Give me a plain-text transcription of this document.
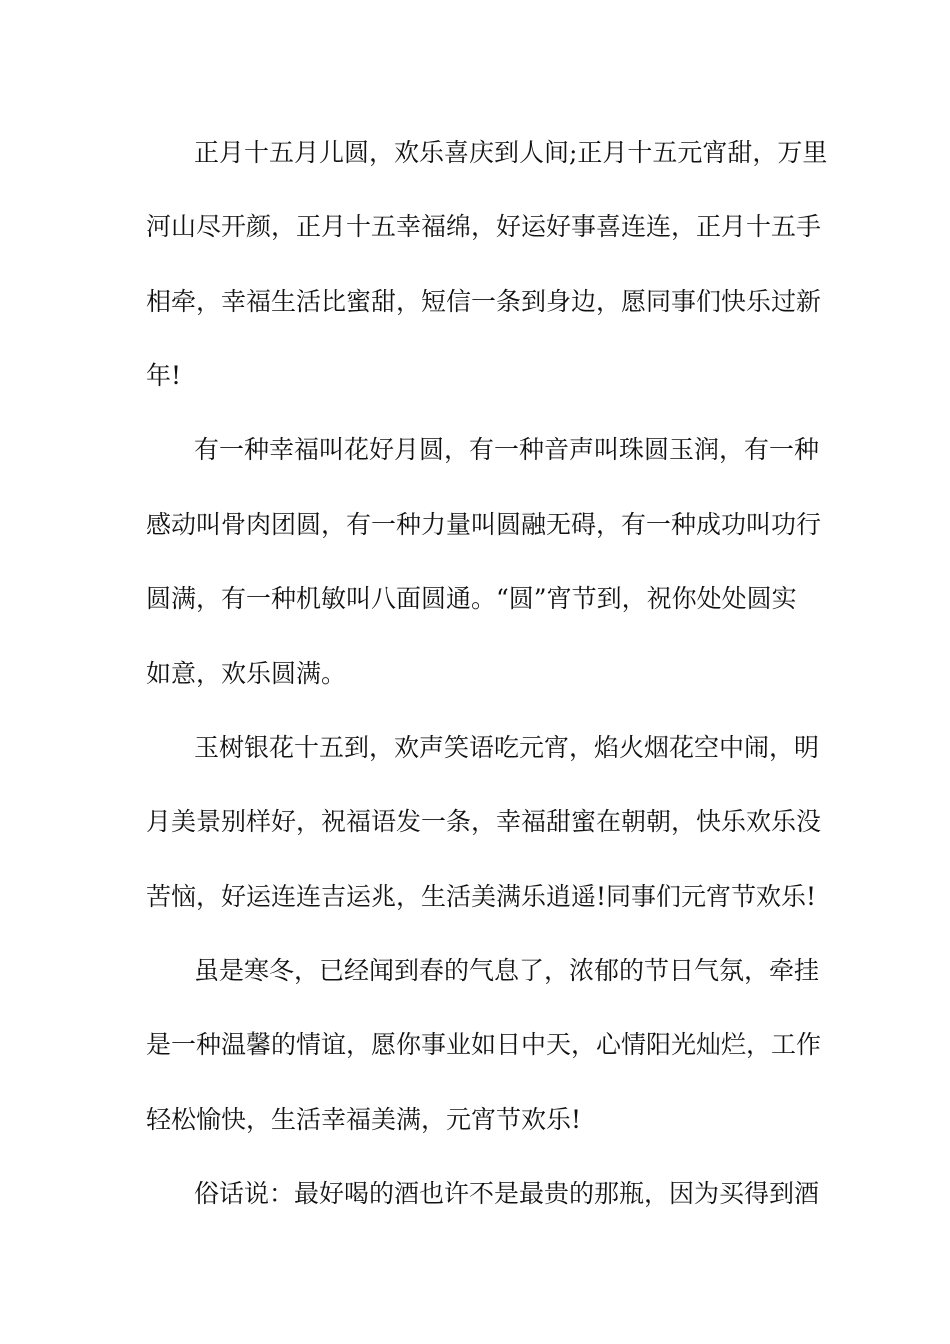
正月十五月儿圆，欢乐喜庆到人间;正月十五元宵甜，万里
河山尽开颜，正月十五幸福绵，好运好事喜连连，正月十五手
相牵，幸福生活比蜜甜，短信一条到身边，愿同事们快乐过新
年!
有一种幸福叫花好月圆，有一种音声叫珠圆玉润，有一种
感动叫骨肉团圆，有一种力量叫圆融无碍，有一种成功叫功行
圆满，有一种机敏叫八面圆通。“圆”宵节到，祝你处处圆实
如意，欢乐圆满。
玉树银花十五到，欢声笑语吃元宵，焰火烟花空中闹，明
月美景别样好，祝福语发一条，幸福甜蜜在朝朝，快乐欢乐没
苦恼，好运连连吉运兆，生活美满乐逍遥!同事们元宵节欢乐!
虽是寒冬，已经闻到春的气息了，浓郁的节日气氛，牵挂
是一种温馨的情谊，愿你事业如日中天，心情阳光灿烂，工作
轻松愉快，生活幸福美满，元宵节欢乐!
俗话说：最好喝的酒也许不是最贵的那瓶，因为买得到酒
